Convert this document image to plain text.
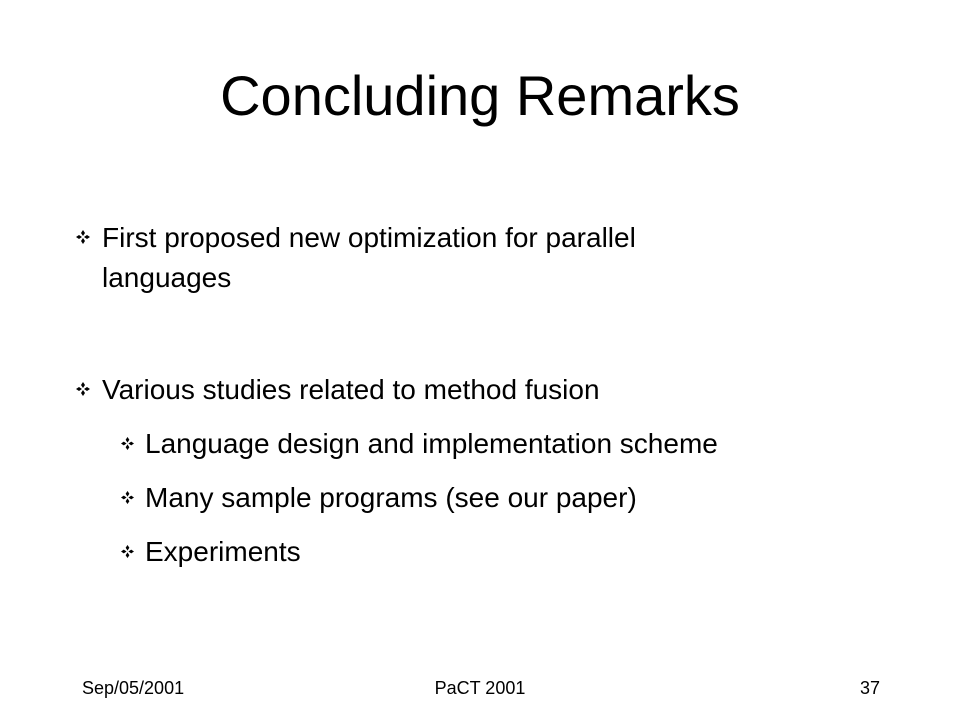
Concluding Remarks
First proposed new optimization for parallel
languages
Various studies related to method fusion
Language design and implementation scheme
Many sample programs (see our paper)
Experiments
Sep/05/2001	PaCT 2001	37
